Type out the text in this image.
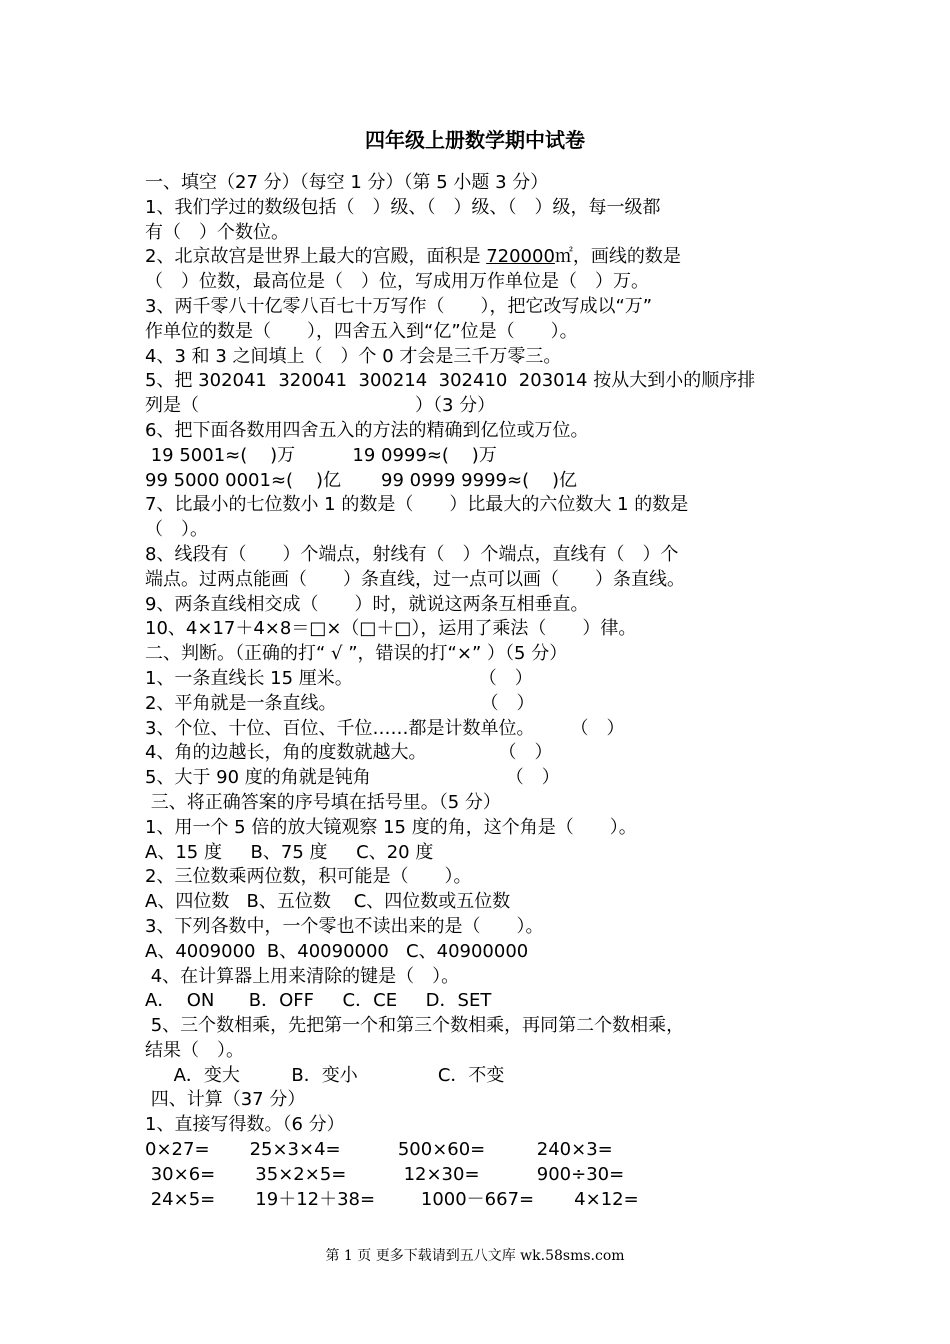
四年级上册数学期中试卷
一、填空（27 分）（每空 1 分）（第 5 小题 3 分）
1、我们学过的数级包括（　）级、（　）级、（　）级，每一级都
有（　）个数位。
2、北京故宫是世界上最大的宫殿，面积是 720000㎡，画线的数是
（　）位数，最高位是（　）位，写成用万作单位是（　）万。
3、两千零八十亿零八百七十万写作（　　），把它改写成以“万”
作单位的数是（　　），四舍五入到“亿”位是（　　）。
4、3 和 3 之间填上（　）个 0 才会是三千万零三。
5、把 302041  320041  300214  302410  203014 按从大到小的顺序排
列是（　　　　　　　　　　　　）（3 分）
6、把下面各数用四舍五入的方法的精确到亿位或万位。
19 5001≈(    )万          19 0999≈(    )万
99 5000 0001≈(    )亿       99 0999 9999≈(    )亿
7、比最小的七位数小 1 的数是（　　）比最大的六位数大 1 的数是
（　）。
8、线段有（　　）个端点，射线有（　）个端点，直线有（　）个
端点。过两点能画（　　）条直线，过一点可以画（　　）条直线。
9、两条直线相交成（　　）时，就说这两条互相垂直。
10、4×17＋4×8＝□×（□＋□），运用了乘法（　　）律。
二、判断。（正确的打“ √ ”，错误的打“×” ）（5 分）
1、一条直线长 15 厘米。　　　　　　　　（　）
2、平角就是一条直线。　　　　　　　　　（　）
3、个位、十位、百位、千位……都是计数单位。　　　（　）
4、角的边越长，角的度数就越大。　　　　　（　）
5、大于 90 度的角就是钝角　　　　　　　　（　）
三、将正确答案的序号填在括号里。（5 分）
1、用一个 5 倍的放大镜观察 15 度的角，这个角是（　　）。
A、15 度     B、75 度     C、20 度
2、三位数乘两位数，积可能是（　　）。
A、四位数   B、五位数    C、四位数或五位数
3、下列各数中，一个零也不读出来的是（　　）。
A、4009000  B、40090000   C、40900000
4、在计算器上用来清除的键是（　）。
A．  ON      B．OFF     C．CE     D．SET
5、三个数相乘，先把第一个和第三个数相乘，再同第二个数相乘，
结果（　）。
A．变大         B．变小              C．不变
四、计算（37 分）
1、直接写得数。（6 分）
0×27=       25×3×4=          500×60=         240×3=
30×6=       35×2×5=          12×30=          900÷30=
24×5=       19＋12＋38=        1000－667=       4×12=
第 1 页 更多下载请到五八文库 wk.58sms.com
